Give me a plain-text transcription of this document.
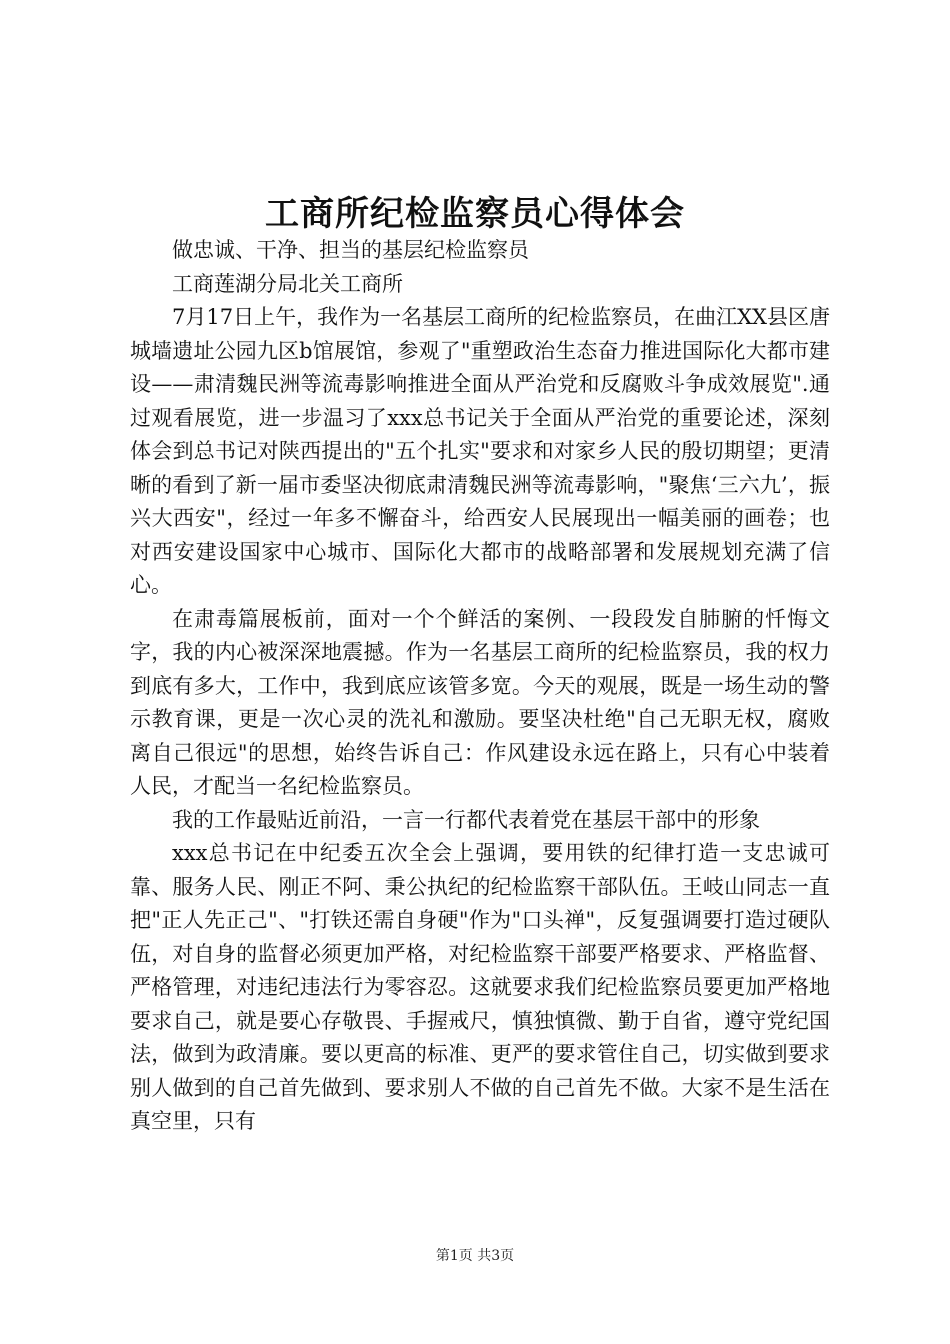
工商所纪检监察员心得体会

做忠诚、干净、担当的基层纪检监察员

工商莲湖分局北关工商所

7月17日上午，我作为一名基层工商所的纪检监察员，在曲江XX县区唐城墙遗址公园九区b馆展馆，参观了"重塑政治生态奋力推进国际化大都市建设——肃清魏民洲等流毒影响推进全面从严治党和反腐败斗争成效展览".通过观看展览，进一步温习了xxx总书记关于全面从严治党的重要论述，深刻体会到总书记对陕西提出的"五个扎实"要求和对家乡人民的殷切期望；更清晰的看到了新一届市委坚决彻底肃清魏民洲等流毒影响，"聚焦‘三六九’，振兴大西安"，经过一年多不懈奋斗，给西安人民展现出一幅美丽的画卷；也对西安建设国家中心城市、国际化大都市的战略部署和发展规划充满了信心。

在肃毒篇展板前，面对一个个鲜活的案例、一段段发自肺腑的忏悔文字，我的内心被深深地震撼。作为一名基层工商所的纪检监察员，我的权力到底有多大，工作中，我到底应该管多宽。今天的观展，既是一场生动的警示教育课，更是一次心灵的洗礼和激励。要坚决杜绝"自己无职无权，腐败离自己很远"的思想，始终告诉自己：作风建设永远在路上，只有心中装着人民，才配当一名纪检监察员。

我的工作最贴近前沿，一言一行都代表着党在基层干部中的形象

xxx总书记在中纪委五次全会上强调，要用铁的纪律打造一支忠诚可靠、服务人民、刚正不阿、秉公执纪的纪检监察干部队伍。王岐山同志一直把"正人先正己"、"打铁还需自身硬"作为"口头禅"，反复强调要打造过硬队伍，对自身的监督必须更加严格，对纪检监察干部要严格要求、严格监督、严格管理，对违纪违法行为零容忍。这就要求我们纪检监察员要更加严格地要求自己，就是要心存敬畏、手握戒尺，慎独慎微、勤于自省，遵守党纪国法，做到为政清廉。要以更高的标准、更严的要求管住自己，切实做到要求别人做到的自己首先做到、要求别人不做的自己首先不做。大家不是生活在真空里，只有

第1页 共3页
